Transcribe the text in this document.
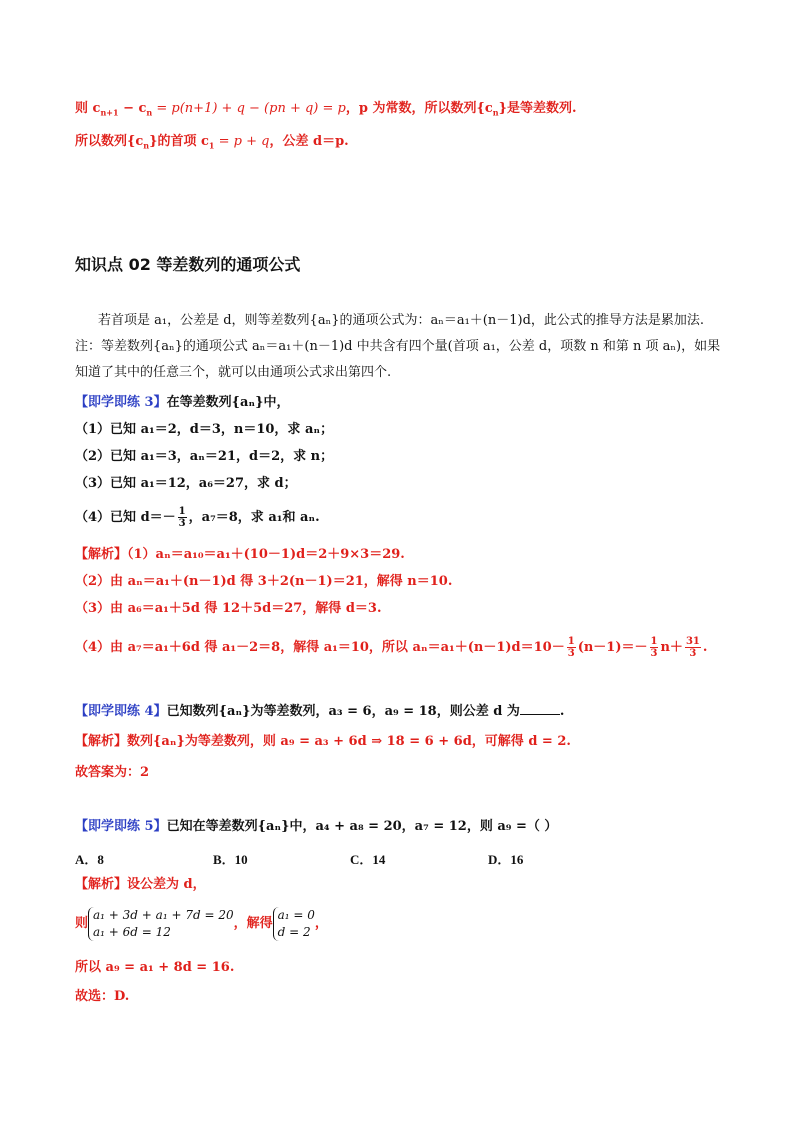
则 $c_{n+1} - c_n = p(n+1) + q - (pn + q) = p$，p 为常数，所以数列$\{c_n\}$是等差数列.
所以数列$\{c_n\}$的首项 $c_1 = p + q$，公差 d＝p.
知识点 02 等差数列的通项公式
若首项是 a₁，公差是 d，则等差数列{aₙ}的通项公式为：aₙ＝a₁＋(n－1)d，此公式的推导方法是累加法.
注：等差数列{aₙ}的通项公式 aₙ＝a₁＋(n－1)d 中共含有四个量(首项 a₁，公差 d，项数 n 和第 n 项 aₙ)，如果
知道了其中的任意三个，就可以由通项公式求出第四个.
【即学即练 3】在等差数列{aₙ}中，
（1）已知 a₁＝2，d＝3，n＝10，求 aₙ；
（2）已知 a₁＝3，aₙ＝21，d＝2，求 n；
（3）已知 a₁＝12，a₆＝27，求 d；
（4）已知 $d=- \frac{1}{3}$ ，a₇＝8，求 a₁和 aₙ.
【解析】（1）aₙ＝a₁₀＝a₁＋(10－1)d＝2＋9×3＝29.
（2）由 aₙ＝a₁＋(n－1)d 得 3＋2(n－1)＝21，解得 n＝10.
（3）由 a₆＝a₁＋5d 得 12＋5d＝27，解得 d＝3.
（4）由 a₇＝a₁＋6d 得 a₁－2＝8，解得 a₁＝10，所以 $a_n=a_1+(n-1)d=10- \frac{1}{3} (n-1)=- \frac{1}{3} n+ \frac{31}{3}$ .
【即学即练 4】已知数列{aₙ}为等差数列，a₃ = 6，a₉ = 18，则公差 d 为	.
【解析】数列{aₙ}为等差数列，则 a₉ = a₃ + 6d ⇒ 18 = 6 + 6d，可解得 d = 2.
故答案为：2
【即学即练 5】已知在等差数列{aₙ}中，a₄ + a₈ = 20，a₇ = 12，则 a₉ =（ ）
A．8	B．10	C．14	D．16
【解析】设公差为 d，
则
a₁ + 3d + a₁ + 7d = 20
a₁ + 6d = 12
，解得
a₁ = 0
d = 2
，
所以 a₉ = a₁ + 8d = 16.
故选：D.
